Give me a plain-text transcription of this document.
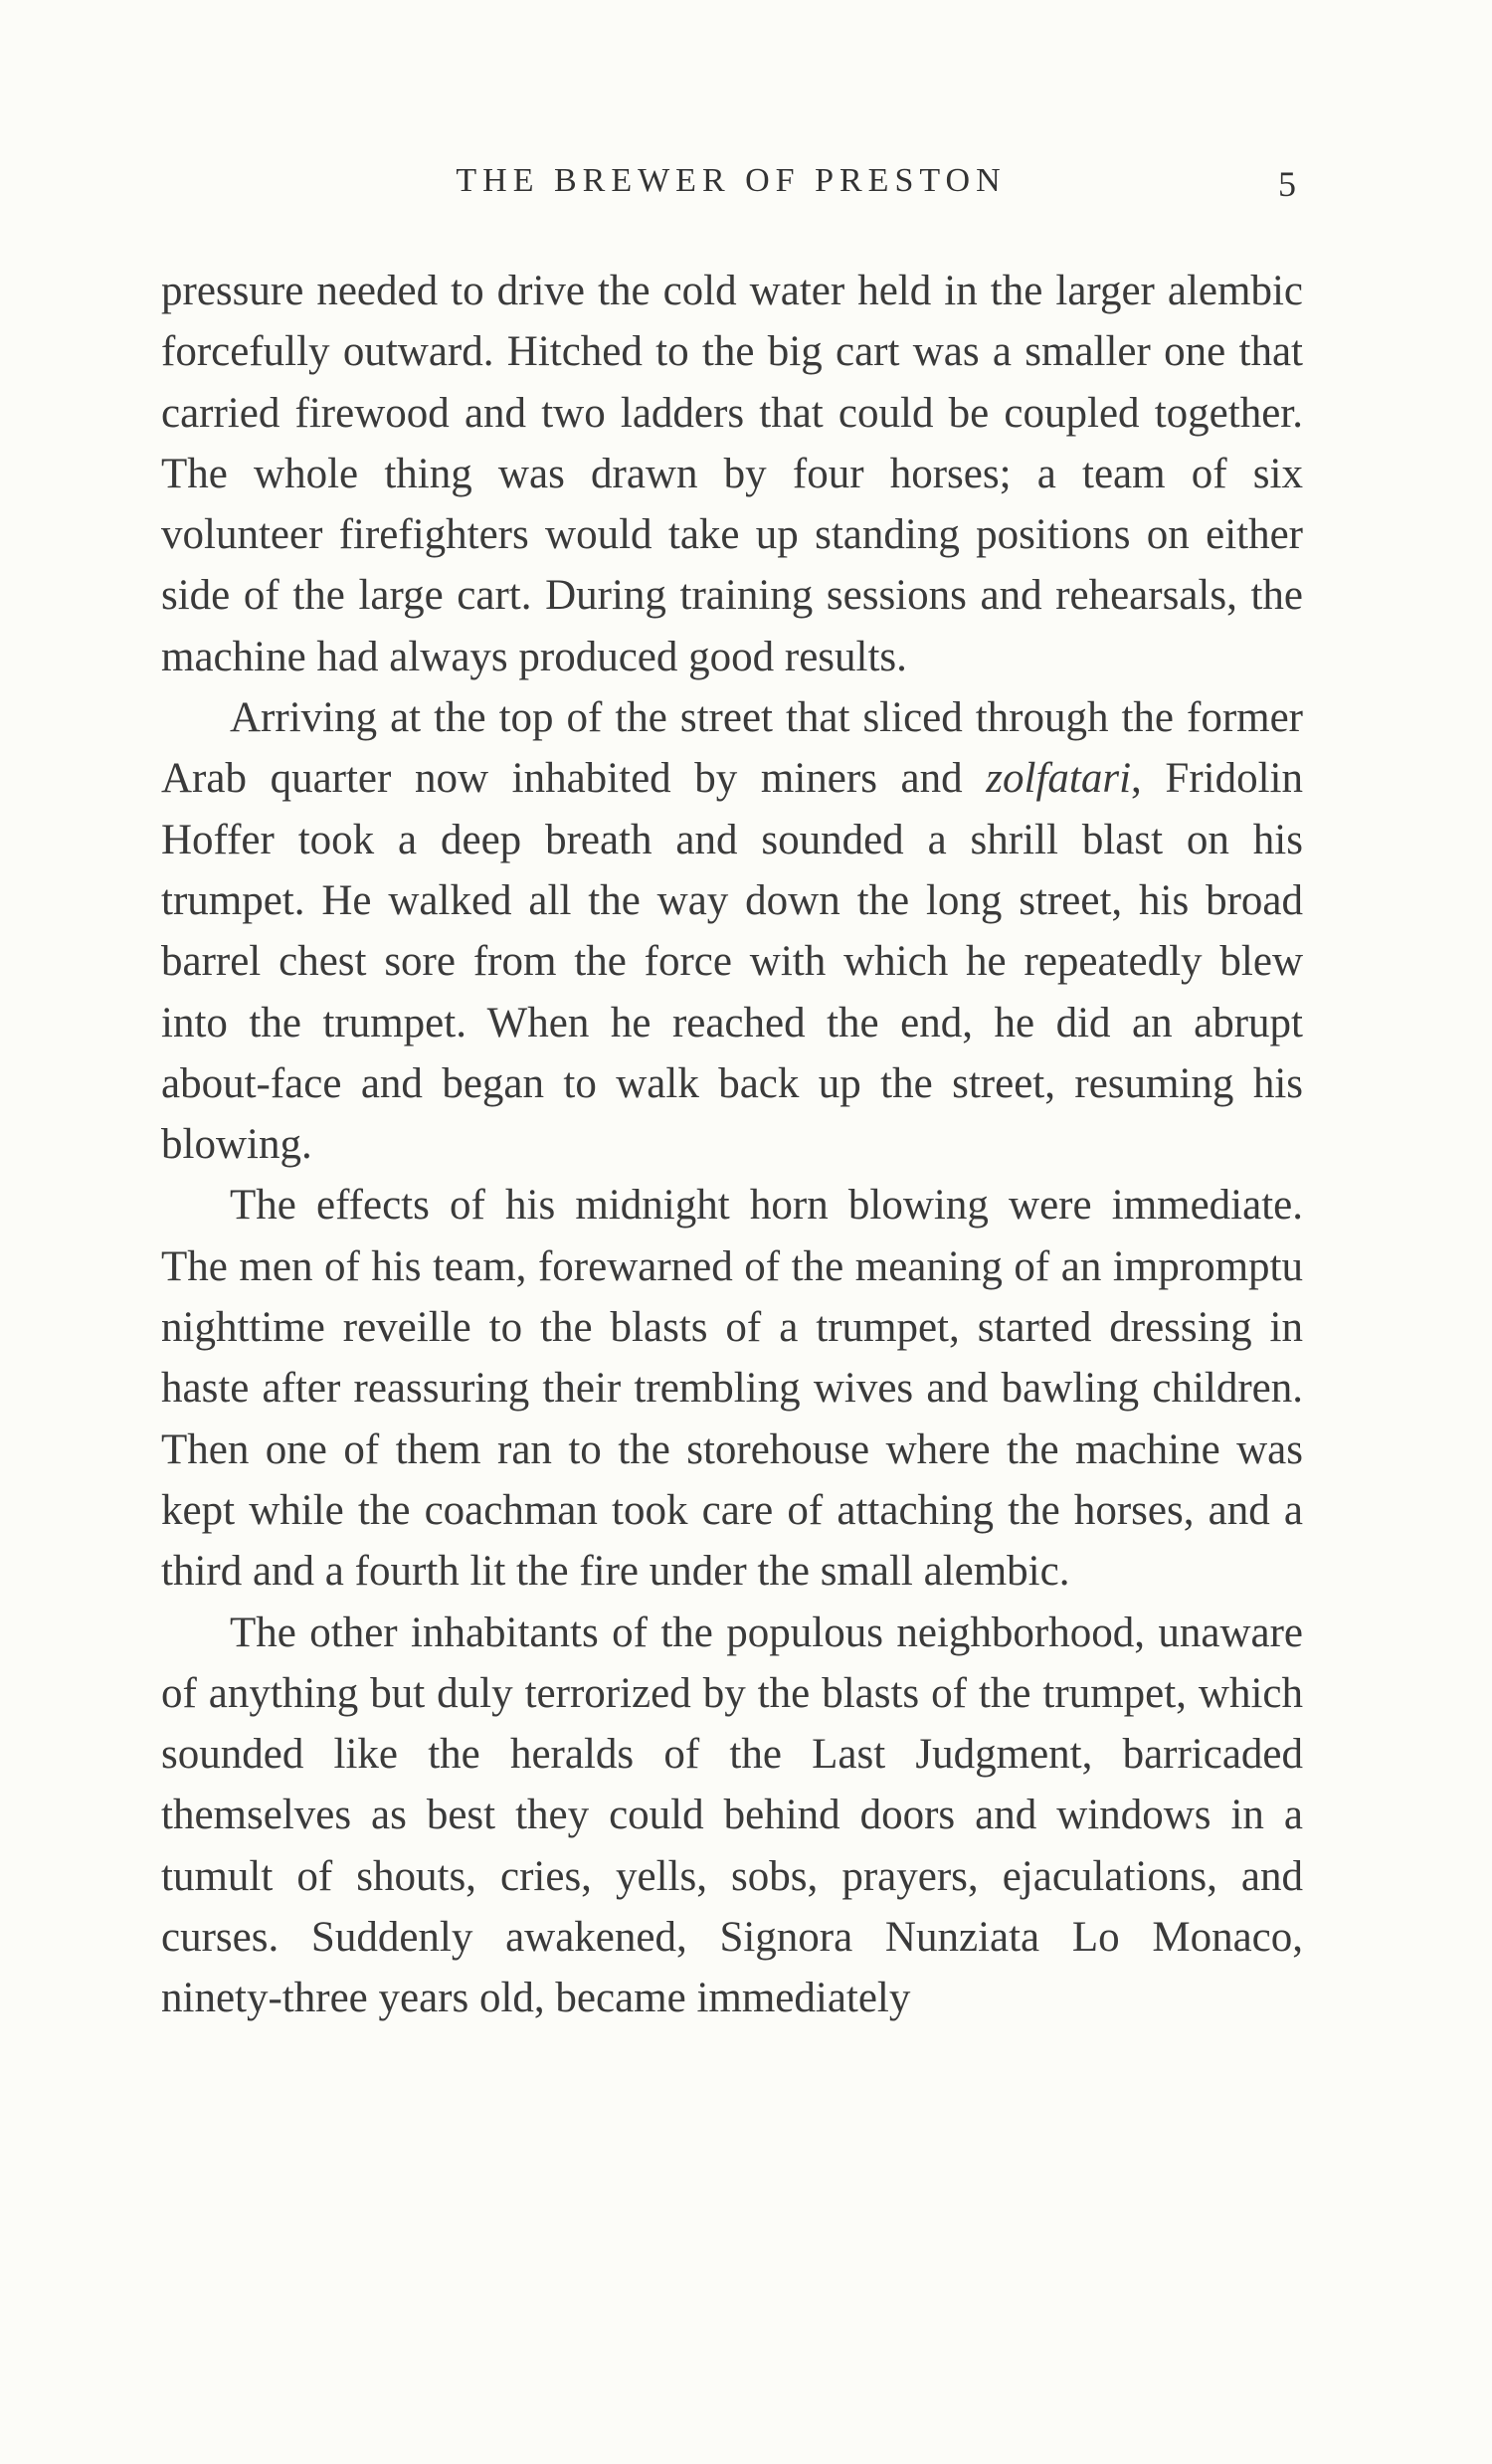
THE BREWER OF PRESTON	5

pressure needed to drive the cold water held in the larger alembic forcefully outward. Hitched to the big cart was a smaller one that carried firewood and two ladders that could be coupled together. The whole thing was drawn by four horses; a team of six volunteer firefighters would take up standing positions on either side of the large cart. During training sessions and rehearsals, the machine had always produced good results.

Arriving at the top of the street that sliced through the former Arab quarter now inhabited by miners and zolfatari, Fridolin Hoffer took a deep breath and sounded a shrill blast on his trumpet. He walked all the way down the long street, his broad barrel chest sore from the force with which he repeatedly blew into the trumpet. When he reached the end, he did an abrupt about-face and began to walk back up the street, resuming his blowing.

The effects of his midnight horn blowing were immediate. The men of his team, forewarned of the meaning of an impromptu nighttime reveille to the blasts of a trumpet, started dressing in haste after reassuring their trembling wives and bawling children. Then one of them ran to the storehouse where the machine was kept while the coachman took care of attaching the horses, and a third and a fourth lit the fire under the small alembic.

The other inhabitants of the populous neighborhood, unaware of anything but duly terrorized by the blasts of the trumpet, which sounded like the heralds of the Last Judgment, barricaded themselves as best they could behind doors and windows in a tumult of shouts, cries, yells, sobs, prayers, ejaculations, and curses. Suddenly awakened, Signora Nunziata Lo Monaco, ninety-three years old, became immediately
